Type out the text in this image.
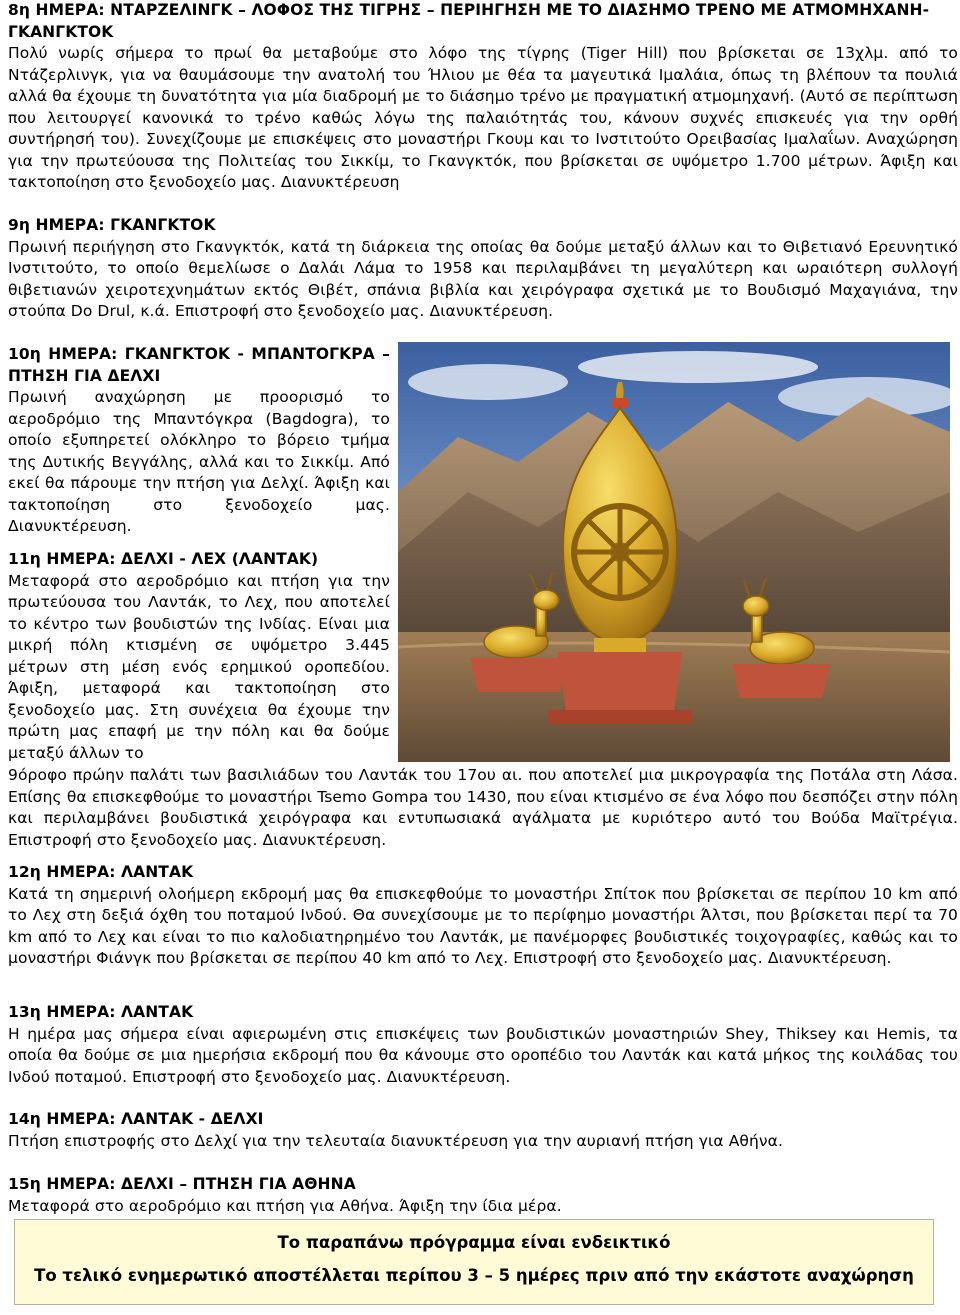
8η ΗΜΕΡΑ: ΝΤΑΡΖΕΛΙΝΓΚ – ΛΟΦΟΣ ΤΗΣ ΤΙΓΡΗΣ – ΠΕΡΙΗΓΗΣΗ ΜΕ ΤΟ ΔΙΑΣΗΜΟ ΤΡΕΝΟ ΜΕ ΑΤΜΟΜΗΧΑΝΗ-ΓΚΑΝΓΚΤΟΚ

Πολύ νωρίς σήμερα το πρωί θα μεταβούμε στο λόφο της τίγρης (Tiger Hill) που βρίσκεται σε 13χλμ. από το Ντάζερλινγκ, για να θαυμάσουμε την ανατολή του Ήλιου με θέα τα μαγευτικά Ιμαλάια, όπως τη βλέπουν τα πουλιά αλλά θα έχουμε τη δυνατότητα για μία διαδρομή με το διάσημο τρένο με πραγματική ατμομηχανή. (Αυτό σε περίπτωση που λειτουργεί κανονικά το τρένο καθώς λόγω της παλαιότητάς του, κάνουν συχνές επισκευές για την ορθή συντήρησή του). Συνεχίζουμε με επισκέψεις στο μοναστήρι Γκουμ και το Ινστιτούτο Ορειβασίας Ιμαλαΐων. Αναχώρηση για την πρωτεύουσα της Πολιτείας του Σικκίμ, το Γκανγκτόκ, που βρίσκεται σε υψόμετρο 1.700 μέτρων. Άφιξη και τακτοποίηση στο ξενοδοχείο μας. Διανυκτέρευση

9η ΗΜΕΡΑ: ΓΚΑΝΓΚΤΟΚ

Πρωινή περιήγηση στο Γκανγκτόκ, κατά τη διάρκεια της οποίας θα δούμε μεταξύ άλλων και το Θιβετιανό Ερευνητικό Ινστιτούτο, το οποίο θεμελίωσε ο Δαλάι Λάμα το 1958 και περιλαμβάνει τη μεγαλύτερη και ωραιότερη συλλογή θιβετιανών χειροτεχνημάτων εκτός Θιβέτ, σπάνια βιβλία και χειρόγραφα σχετικά με το Βουδισμό Μαχαγιάνα, την στούπα Do Drul, κ.ά. Επιστροφή στο ξενοδοχείο μας. Διανυκτέρευση.

10η ΗΜΕΡΑ: ΓΚΑΝΓΚΤΟΚ - ΜΠΑΝΤΟΓΚΡΑ – ΠΤΗΣΗ ΓΙΑ ΔΕΛΧΙ

Πρωινή αναχώρηση με προορισμό το αεροδρόμιο της Μπαντόγκρα (Bagdogra), το οποίο εξυπηρετεί ολόκληρο το βόρειο τμήμα της Δυτικής Βεγγάλης, αλλά και το Σικκίμ. Από εκεί θα πάρουμε την πτήση για Δελχί. Άφιξη και τακτοποίηση στο ξενοδοχείο μας. Διανυκτέρευση.

11η ΗΜΕΡΑ: ΔΕΛΧΙ - ΛΕΧ (ΛΑΝΤΑΚ)

Μεταφορά στο αεροδρόμιο και πτήση για την πρωτεύουσα του Λαντάκ, το Λεχ, που αποτελεί το κέντρο των βουδιστών της Ινδίας. Είναι μια μικρή πόλη κτισμένη σε υψόμετρο 3.445 μέτρων στη μέση ενός ερημικού οροπεδίου. Άφιξη, μεταφορά και τακτοποίηση στο ξενοδοχείο μας. Στη συνέχεια θα έχουμε την πρώτη μας επαφή με την πόλη και θα δούμε μεταξύ άλλων το

9όροφο πρώην παλάτι των βασιλιάδων του Λαντάκ του 17ου αι. που αποτελεί μια μικρογραφία της Ποτάλα στη Λάσα. Επίσης θα επισκεφθούμε το μοναστήρι Tsemo Gompa του 1430, που είναι κτισμένο σε ένα λόφο που δεσπόζει στην πόλη και περιλαμβάνει βουδιστικά χειρόγραφα και εντυπωσιακά αγάλματα με κυριότερο αυτό του Βούδα Μαϊτρέγια. Επιστροφή στο ξενοδοχείο μας. Διανυκτέρευση.

12η ΗΜΕΡΑ: ΛΑΝΤΑΚ

Κατά τη σημερινή ολοήμερη εκδρομή μας θα επισκεφθούμε το μοναστήρι Σπίτοκ που βρίσκεται σε περίπου 10 km από το Λεχ στη δεξιά όχθη του ποταμού Ινδού. Θα συνεχίσουμε με το περίφημο μοναστήρι Άλτσι, που βρίσκεται περί τα 70 km από το Λεχ και είναι το πιο καλοδιατηρημένο του Λαντάκ, με πανέμορφες βουδιστικές τοιχογραφίες, καθώς και το μοναστήρι Φιάνγκ που βρίσκεται σε περίπου 40 km από το Λεχ. Επιστροφή στο ξενοδοχείο μας. Διανυκτέρευση.

13η ΗΜΕΡΑ: ΛΑΝΤΑΚ

Η ημέρα μας σήμερα είναι αφιερωμένη στις επισκέψεις των βουδιστικών μοναστηριών Shey, Thiksey και Hemis, τα οποία θα δούμε σε μια ημερήσια εκδρομή που θα κάνουμε στο οροπέδιο του Λαντάκ και κατά μήκος της κοιλάδας του Ινδού ποταμού. Επιστροφή στο ξενοδοχείο μας. Διανυκτέρευση.

14η ΗΜΕΡΑ: ΛΑΝΤΑΚ - ΔΕΛΧΙ

Πτήση επιστροφής στο Δελχί για την τελευταία διανυκτέρευση για την αυριανή πτήση για Αθήνα.

15η ΗΜΕΡΑ: ΔΕΛΧΙ – ΠΤΗΣΗ ΓΙΑ ΑΘΗΝΑ

Μεταφορά στο αεροδρόμιο και πτήση για Αθήνα. Άφιξη την ίδια μέρα.

Το παραπάνω πρόγραμμα είναι ενδεικτικό
Το τελικό ενημερωτικό αποστέλλεται περίπου 3 – 5 ημέρες πριν από την εκάστοτε αναχώρηση
